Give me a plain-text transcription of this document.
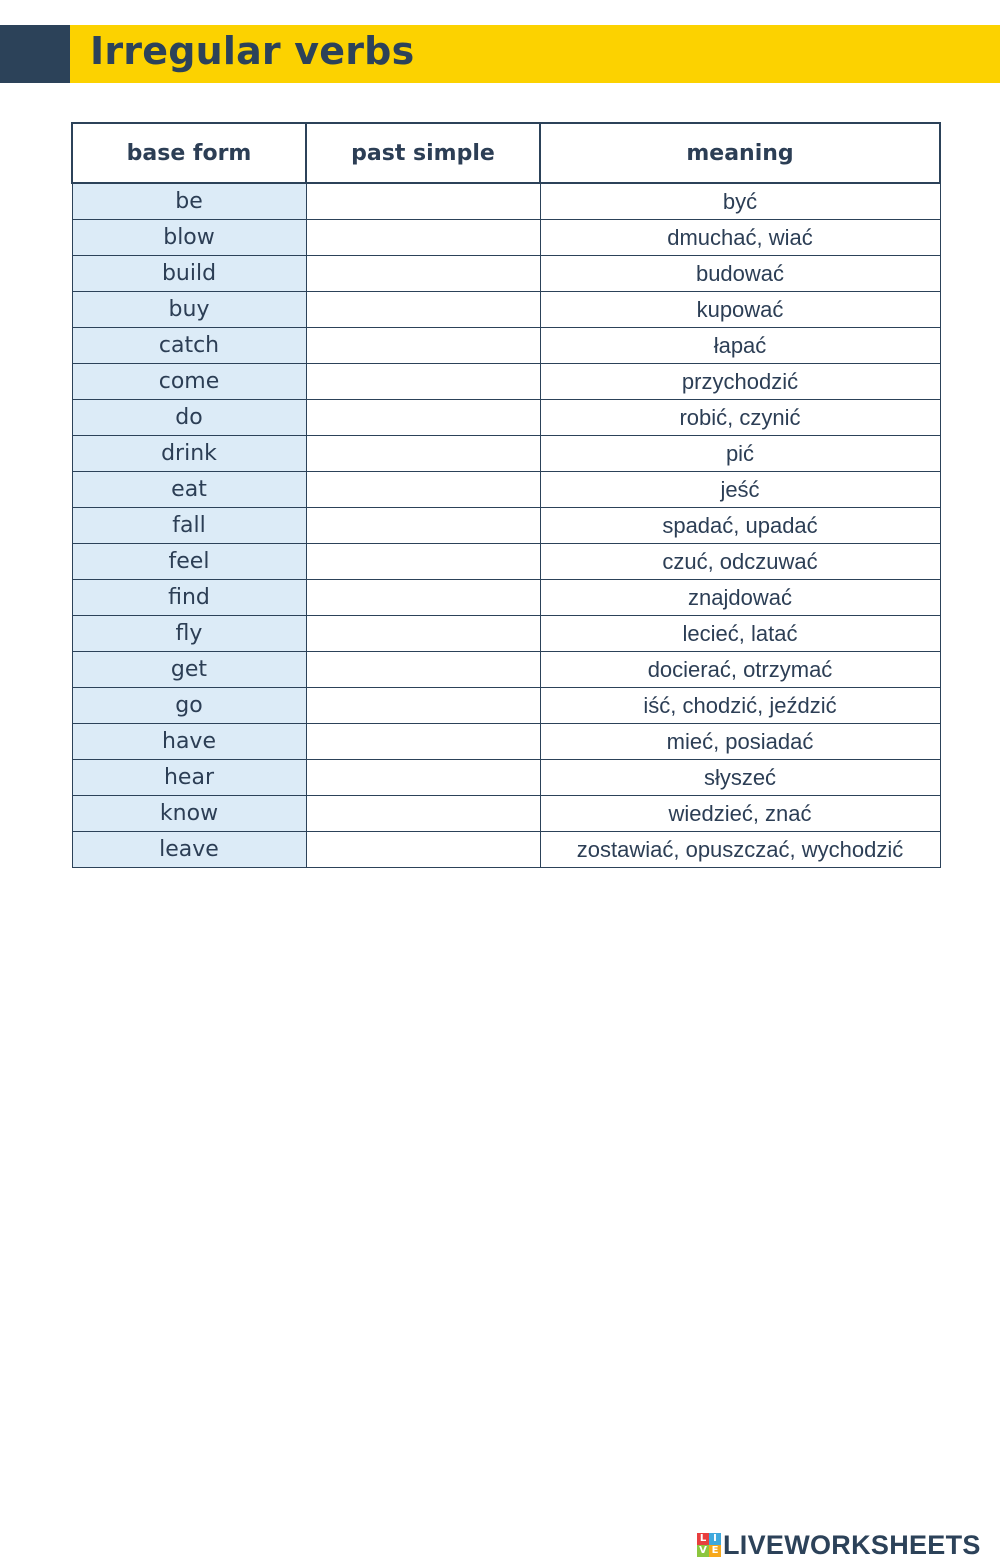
Irregular verbs
base form	past simple	meaning
be		być
blow		dmuchać, wiać
build		budować
buy		kupować
catch		łapać
come		przychodzić
do		robić, czynić
drink		pić
eat		jeść
fall		spadać, upadać
feel		czuć, odczuwać
find		znajdować
fly		lecieć, latać
get		docierać, otrzymać
go		iść, chodzić, jeździć
have		mieć, posiadać
hear		słyszeć
know		wiedzieć, znać
leave		zostawiać, opuszczać, wychodzić
L I
V E LIVEWORKSHEETS
